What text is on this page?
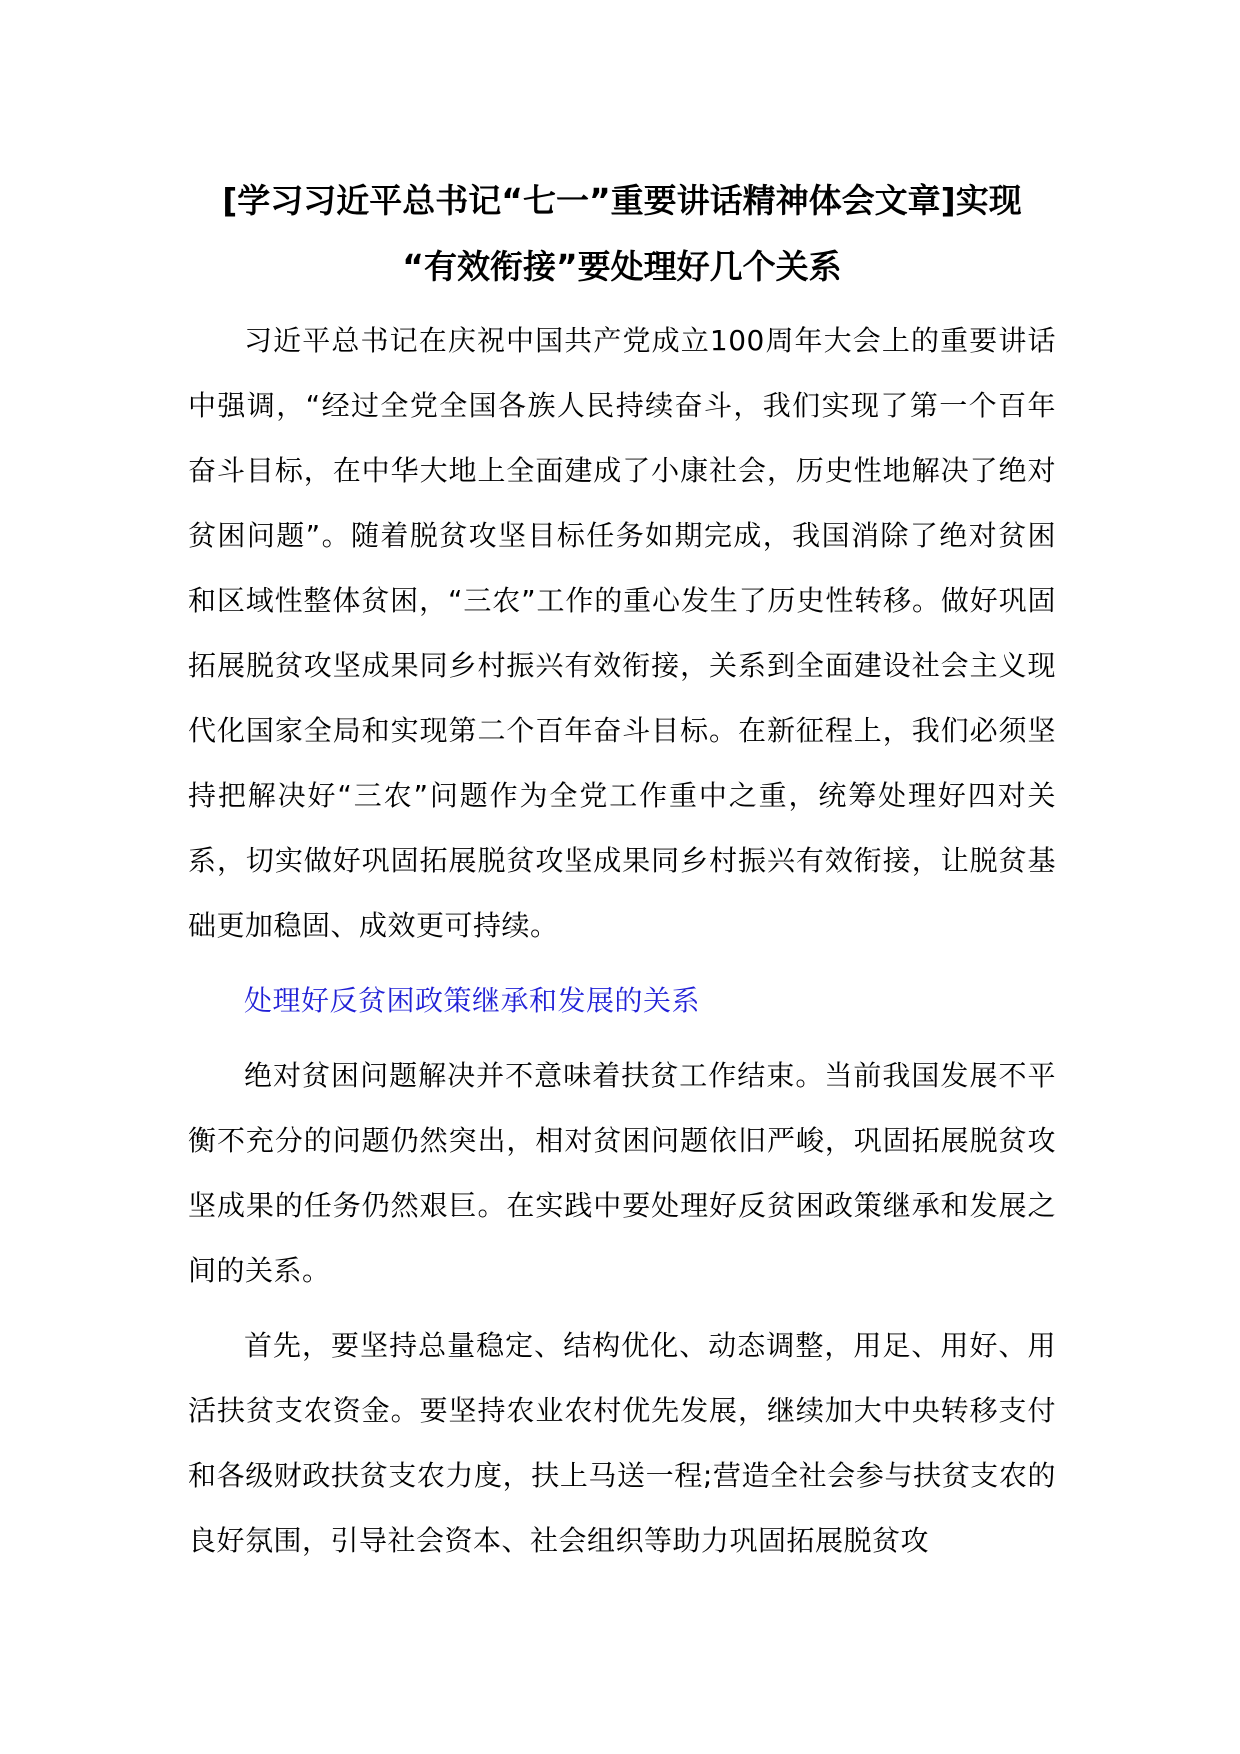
[学习习近平总书记“七一”重要讲话精神体会文章]实现
“有效衔接”要处理好几个关系

习近平总书记在庆祝中国共产党成立100周年大会上的重要讲话中强调，“经过全党全国各族人民持续奋斗，我们实现了第一个百年奋斗目标，在中华大地上全面建成了小康社会，历史性地解决了绝对贫困问题”。随着脱贫攻坚目标任务如期完成，我国消除了绝对贫困和区域性整体贫困，“三农”工作的重心发生了历史性转移。做好巩固拓展脱贫攻坚成果同乡村振兴有效衔接，关系到全面建设社会主义现代化国家全局和实现第二个百年奋斗目标。在新征程上，我们必须坚持把解决好“三农”问题作为全党工作重中之重，统筹处理好四对关系，切实做好巩固拓展脱贫攻坚成果同乡村振兴有效衔接，让脱贫基础更加稳固、成效更可持续。

处理好反贫困政策继承和发展的关系

绝对贫困问题解决并不意味着扶贫工作结束。当前我国发展不平衡不充分的问题仍然突出，相对贫困问题依旧严峻，巩固拓展脱贫攻坚成果的任务仍然艰巨。在实践中要处理好反贫困政策继承和发展之间的关系。

首先，要坚持总量稳定、结构优化、动态调整，用足、用好、用活扶贫支农资金。要坚持农业农村优先发展，继续加大中央转移支付和各级财政扶贫支农力度，扶上马送一程;营造全社会参与扶贫支农的良好氛围，引导社会资本、社会组织等助力巩固拓展脱贫攻
